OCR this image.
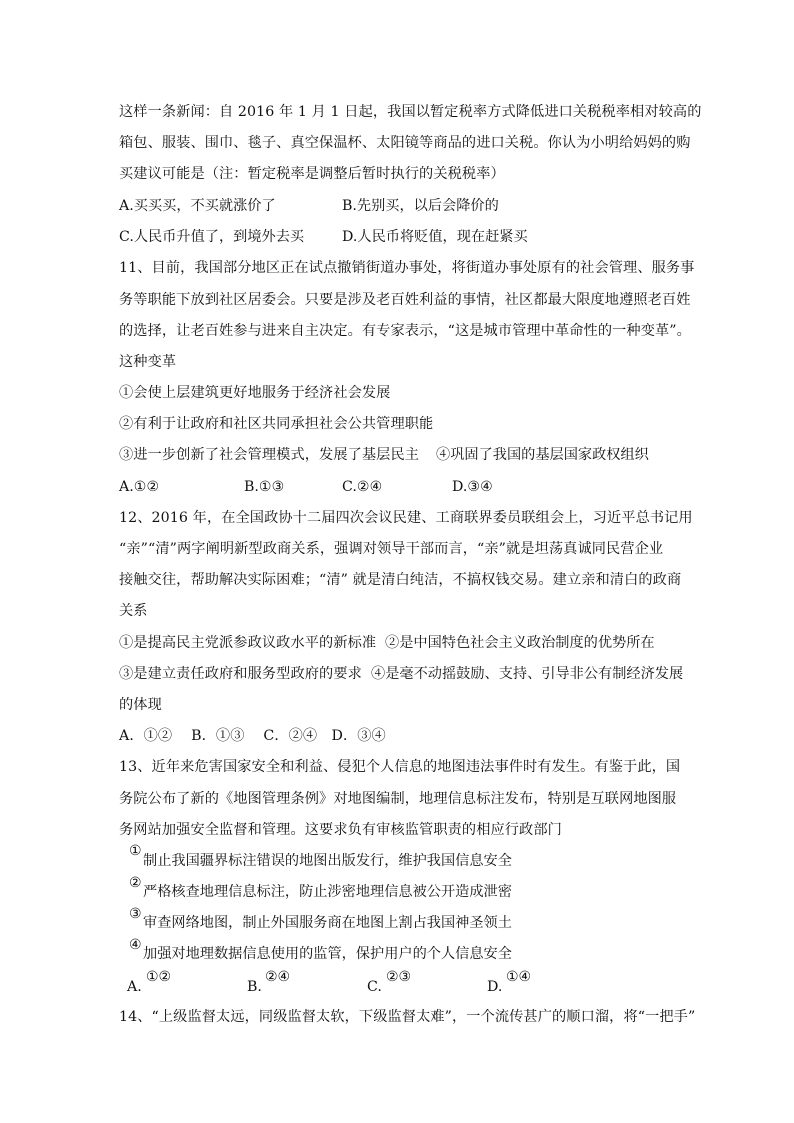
这样一条新闻：自 2016 年 1 月 1 日起，我国以暂定税率方式降低进口关税税率相对较高的
箱包、服装、围巾、毯子、真空保温杯、太阳镜等商品的进口关税。你认为小明给妈妈的购
买建议可能是（注：暂定税率是调整后暂时执行的关税税率）
A.买买买，不买就涨价了	B.先别买，以后会降价的
C.人民币升值了，到境外去买	D.人民币将贬值，现在赶紧买
11、目前，我国部分地区正在试点撤销街道办事处，将街道办事处原有的社会管理、服务事
务等职能下放到社区居委会。只要是涉及老百姓利益的事情，社区都最大限度地遵照老百姓
的选择，让老百姓参与进来自主决定。有专家表示，“这是城市管理中革命性的一种变革”。
这种变革
①会使上层建筑更好地服务于经济社会发展
②有利于让政府和社区共同承担社会公共管理职能
③进一步创新了社会管理模式，发展了基层民主 ④巩固了我国的基层国家政权组织
A.①②	B.①③	C.②④	D.③④
12、2016 年，在全国政协十二届四次会议民建、工商联界委员联组会上，习近平总书记用
“亲”“清”两字阐明新型政商关系，强调对领导干部而言，“亲”就是坦荡真诚同民营企业
接触交往，帮助解决实际困难；“清” 就是清白纯洁，不搞权钱交易。建立亲和清白的政商
关系
①是提高民主党派参政议政水平的新标准 ②是中国特色社会主义政治制度的优势所在
③是建立责任政府和服务型政府的要求 ④是毫不动摇鼓励、支持、引导非公有制经济发展
的体现
A．①②　 B．①③　 C．②④　D．③④
13、近年来危害国家安全和利益、侵犯个人信息的地图违法事件时有发生。有鉴于此，国
务院公布了新的《地图管理条例》对地图编制，地理信息标注发布，特别是互联网地图服
务网站加强安全监督和管理。这要求负有审核监管职责的相应行政部门
①
制止我国疆界标注错误的地图出版发行，维护我国信息安全
②
严格核查地理信息标注，防止涉密地理信息被公开造成泄密
③
审查网络地图，制止外国服务商在地图上割占我国神圣领土
④
加强对地理数据信息使用的监管，保护用户的个人信息安全
A.
①②
B.
②④
C.
②③
D.
①④
14、“上级监督太远，同级监督太软，下级监督太难”，一个流传甚广的顺口溜，将“一把手”
